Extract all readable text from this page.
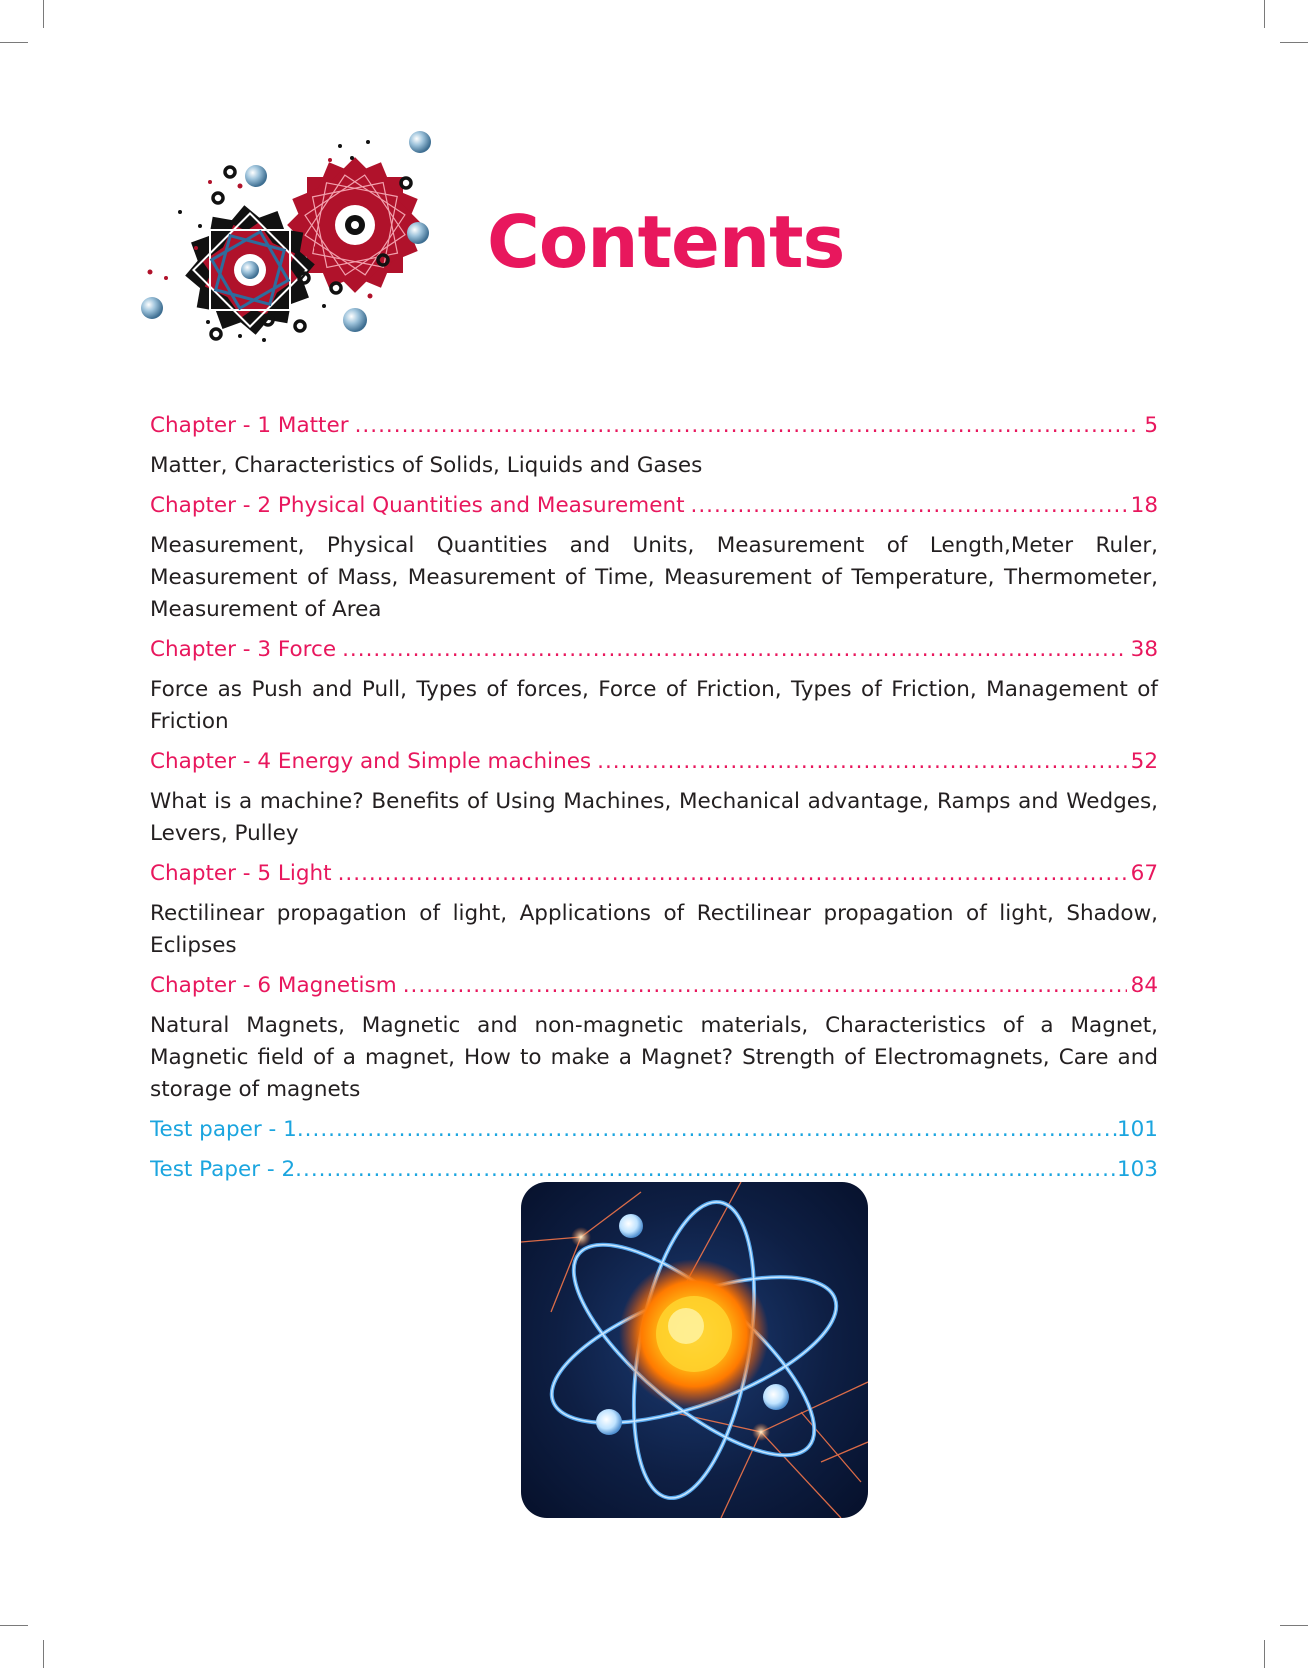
Contents
Chapter - 1 Matter .....	5
Matter, Characteristics of Solids, Liquids and Gases
Chapter - 2 Physical Quantities and Measurement .....	18
Measurement, Physical Quantities and Units, Measurement of Length,Meter Ruler, Measurement of Mass, Measurement of Time, Measurement of Temperature, Thermometer, Measurement of Area
Chapter - 3 Force .....	38
Force as Push and Pull, Types of forces, Force of Friction, Types of Friction, Management of Friction
Chapter - 4 Energy and Simple machines .....	52
What is a machine? Benefits of Using Machines, Mechanical advantage, Ramps and Wedges, Levers, Pulley
Chapter - 5 Light .....	67
Rectilinear propagation of light, Applications of Rectilinear propagation of light, Shadow, Eclipses
Chapter - 6 Magnetism .....	84
Natural Magnets, Magnetic and non-magnetic materials, Characteristics of a Magnet, Magnetic field of a magnet, How to make a Magnet? Strength of Electromagnets, Care and storage of magnets
Test paper - 1 .....	101
Test Paper - 2 .....	103
